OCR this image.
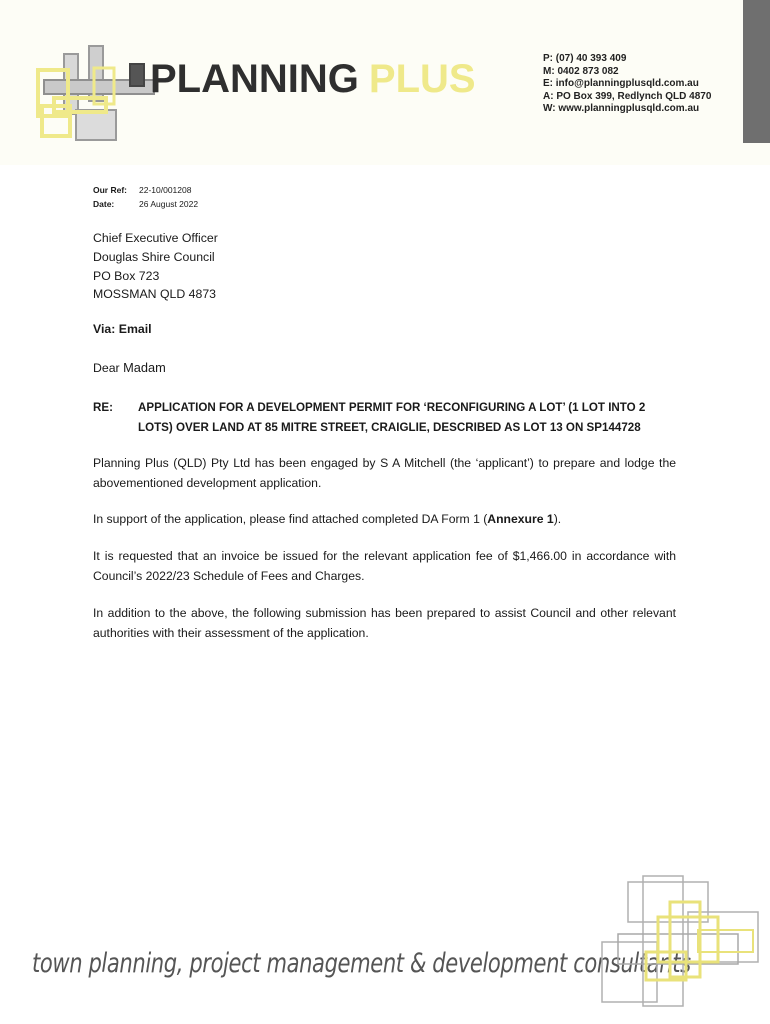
PLANNING PLUS	P: (07) 40 393 409
M: 0402 873 082
E: info@planningplusqld.com.au
A: PO Box 399, Redlynch QLD 4870
W: www.planningplusqld.com.au
Our Ref: 22-10/001208
Date:	26 August 2022
Chief Executive Officer
Douglas Shire Council
PO Box 723
MOSSMAN QLD 4873
Via: Email
Dear Madam
RE: APPLICATION FOR A DEVELOPMENT PERMIT FOR ‘RECONFIGURING A LOT’ (1 LOT INTO 2 LOTS) OVER LAND AT 85 MITRE STREET, CRAIGLIE, DESCRIBED AS LOT 13 ON SP144728
Planning Plus (QLD) Pty Ltd has been engaged by S A Mitchell (the ‘applicant’) to prepare and lodge the abovementioned development application.
In support of the application, please find attached completed DA Form 1 (Annexure 1).
It is requested that an invoice be issued for the relevant application fee of $1,466.00 in accordance with Council’s 2022/23 Schedule of Fees and Charges.
In addition to the above, the following submission has been prepared to assist Council and other relevant authorities with their assessment of the application.
town planning, project management & development consultants
